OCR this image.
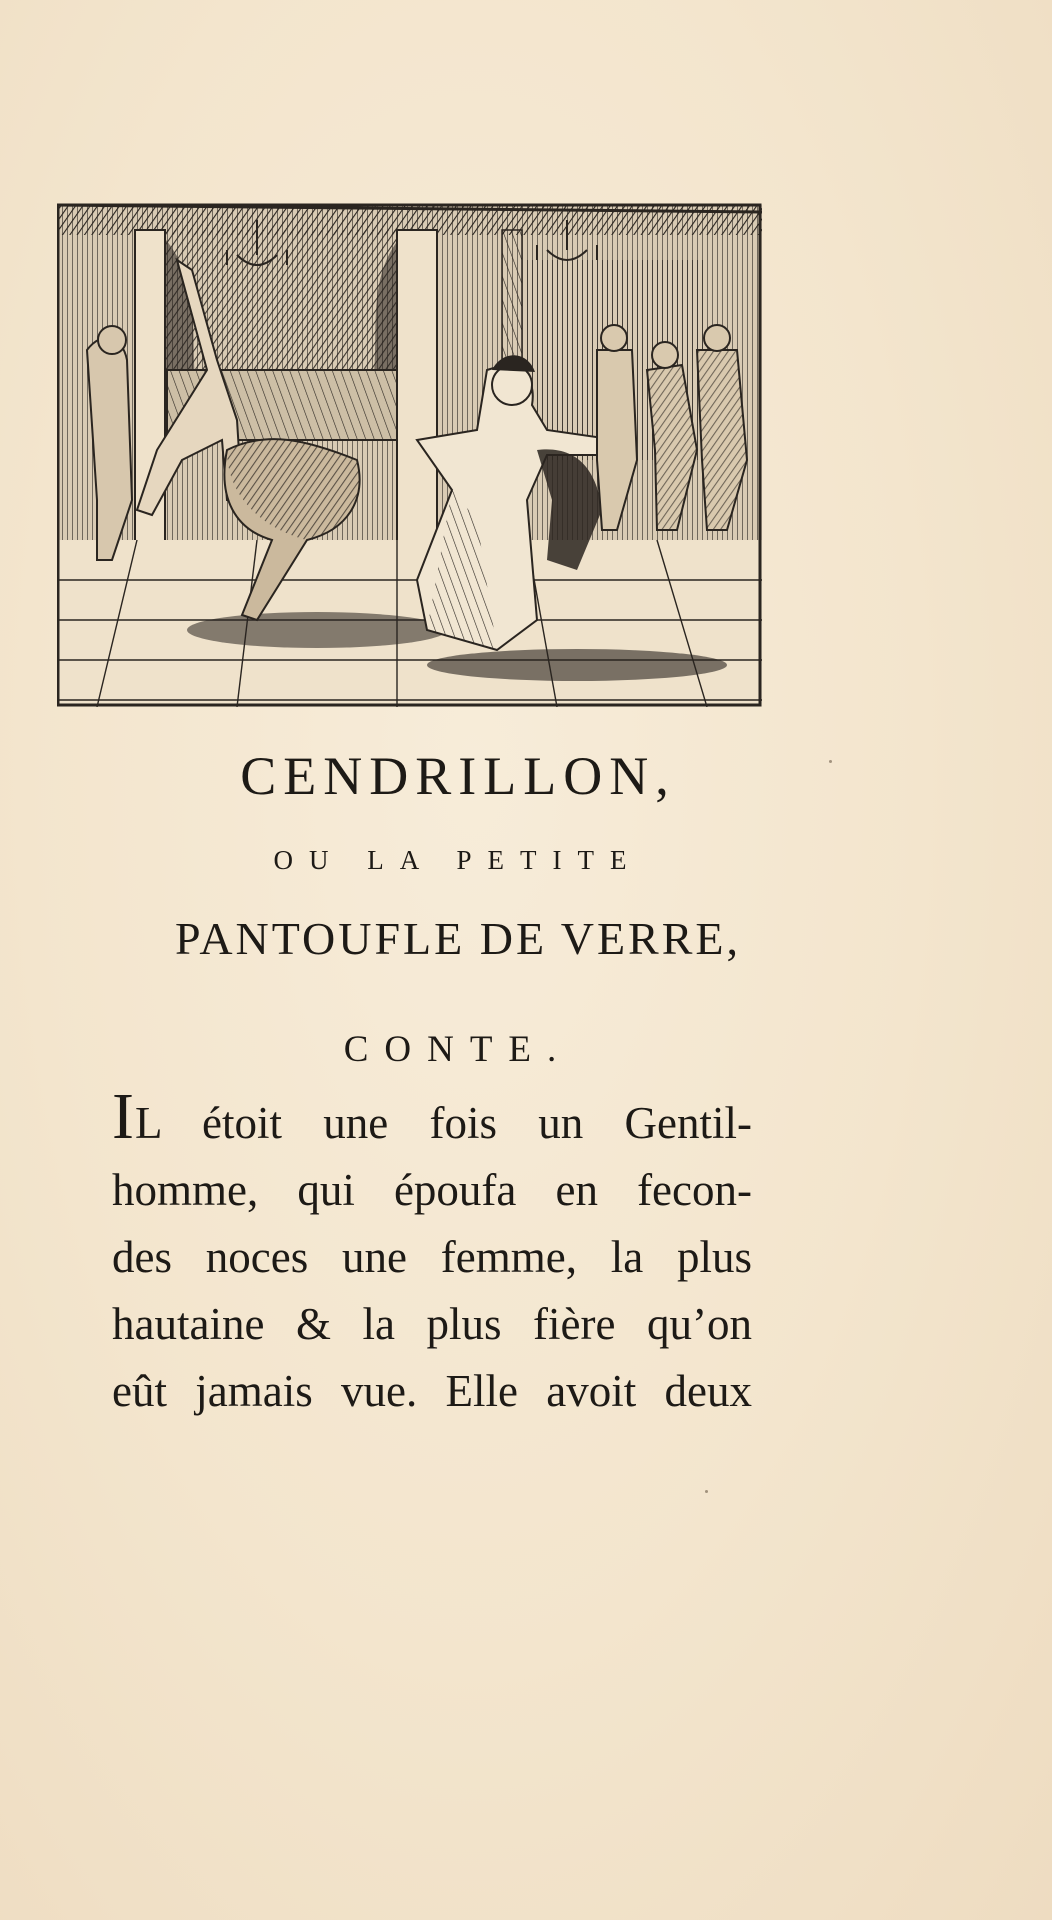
CENDRILLON,
OU LA PETITE
PANTOUFLE DE VERRE,
CONTE.

IL étoit une fois un Gentil-
homme, qui époufa en fecon-
des noces une femme, la plus
hautaine & la plus fière qu’on
eût jamais vue. Elle avoit deux
